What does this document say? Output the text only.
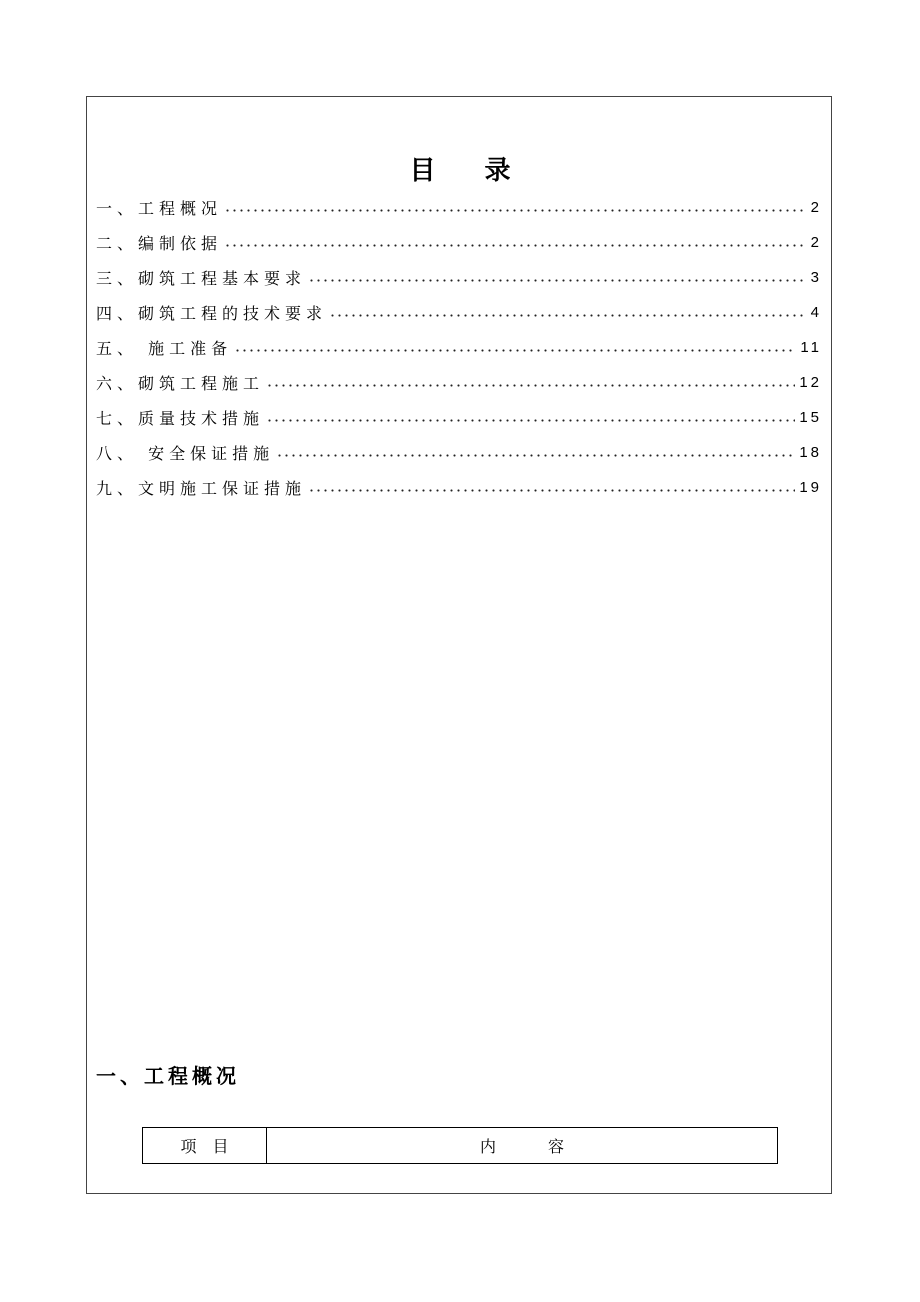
目 录
一、工程概况	2
二、编制依据	2
三、砌筑工程基本要求	3
四、砌筑工程的技术要求	4
五、 施工准备	11
六、砌筑工程施工	12
七、质量技术措施	15
八、 安全保证措施	18
九、文明施工保证措施	19
一、工程概况
项目	内容
